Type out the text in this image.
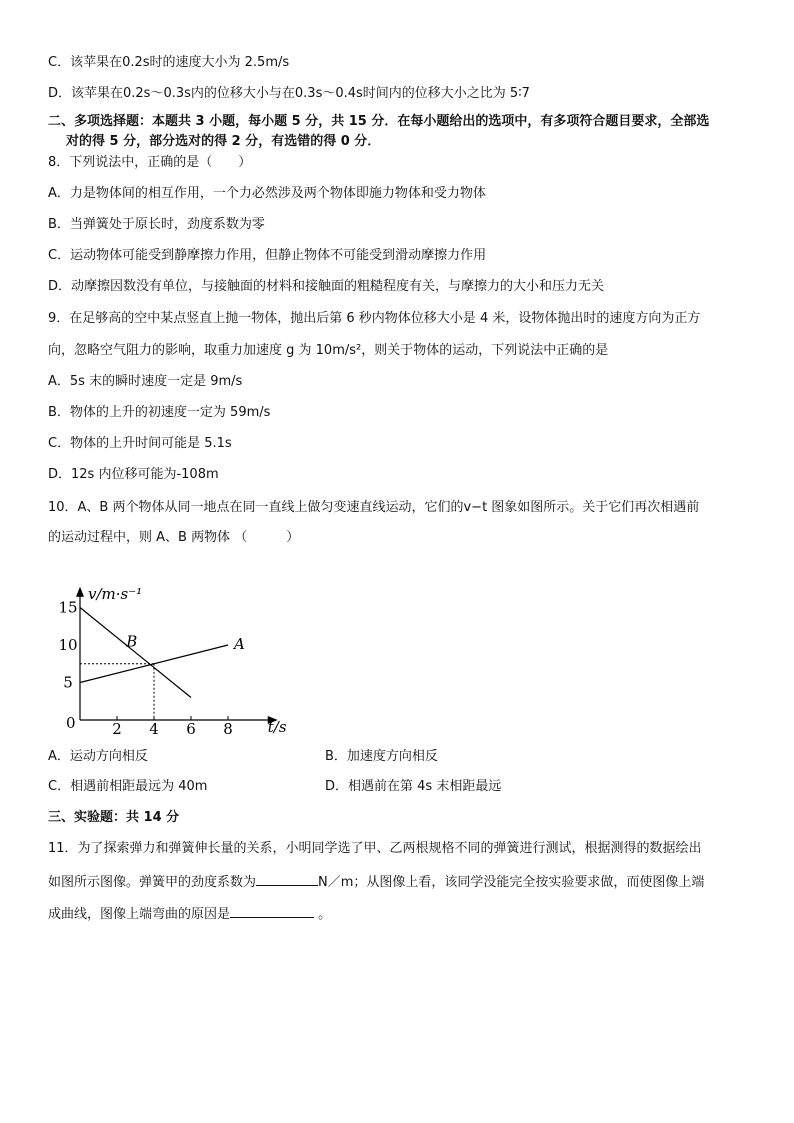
C．该苹果在0.2s时的速度大小为 2.5m/s
D．该苹果在0.2s～0.3s内的位移大小与在0.3s～0.4s时间内的位移大小之比为 5∶7
二、多项选择题：本题共 3 小题，每小题 5 分，共 15 分．在每小题给出的选项中，有多项符合题目要求，全部选
对的得 5 分，部分选对的得 2 分，有选错的得 0 分．
8．下列说法中，正确的是（　　）
A．力是物体间的相互作用，一个力必然涉及两个物体即施力物体和受力物体
B．当弹簧处于原长时，劲度系数为零
C．运动物体可能受到静摩擦力作用，但静止物体不可能受到滑动摩擦力作用
D．动摩擦因数没有单位，与接触面的材料和接触面的粗糙程度有关，与摩擦力的大小和压力无关
9．在足够高的空中某点竖直上抛一物体，抛出后第 6 秒内物体位移大小是 4 米，设物体抛出时的速度方向为正方
向，忽略空气阻力的影响，取重力加速度 g 为 10m/s²，则关于物体的运动，下列说法中正确的是
A．5s 末的瞬时速度一定是 9m/s
B．物体的上升的初速度一定为 59m/s
C．物体的上升时间可能是 5.1s
D．12s 内位移可能为-108m
10．A、B 两个物体从同一地点在同一直线上做匀变速直线运动，它们的v−t 图象如图所示。关于它们再次相遇前
的运动过程中，则 A、B 两物体 （　　　）
v/m·s⁻¹
t/s
0 2 4 6 8
5
10
15
A
B
A．运动方向相反	B．加速度方向相反
C．相遇前相距最远为 40m	D．相遇前在第 4s 末相距最远
三、实验题：共 14 分
11．为了探索弹力和弹簧伸长量的关系，小明同学选了甲、乙两根规格不同的弹簧进行测试，根据测得的数据绘出
如图所示图像。弹簧甲的劲度系数为	N／m；从图像上看，该同学没能完全按实验要求做，而使图像上端
成曲线，图像上端弯曲的原因是	。
